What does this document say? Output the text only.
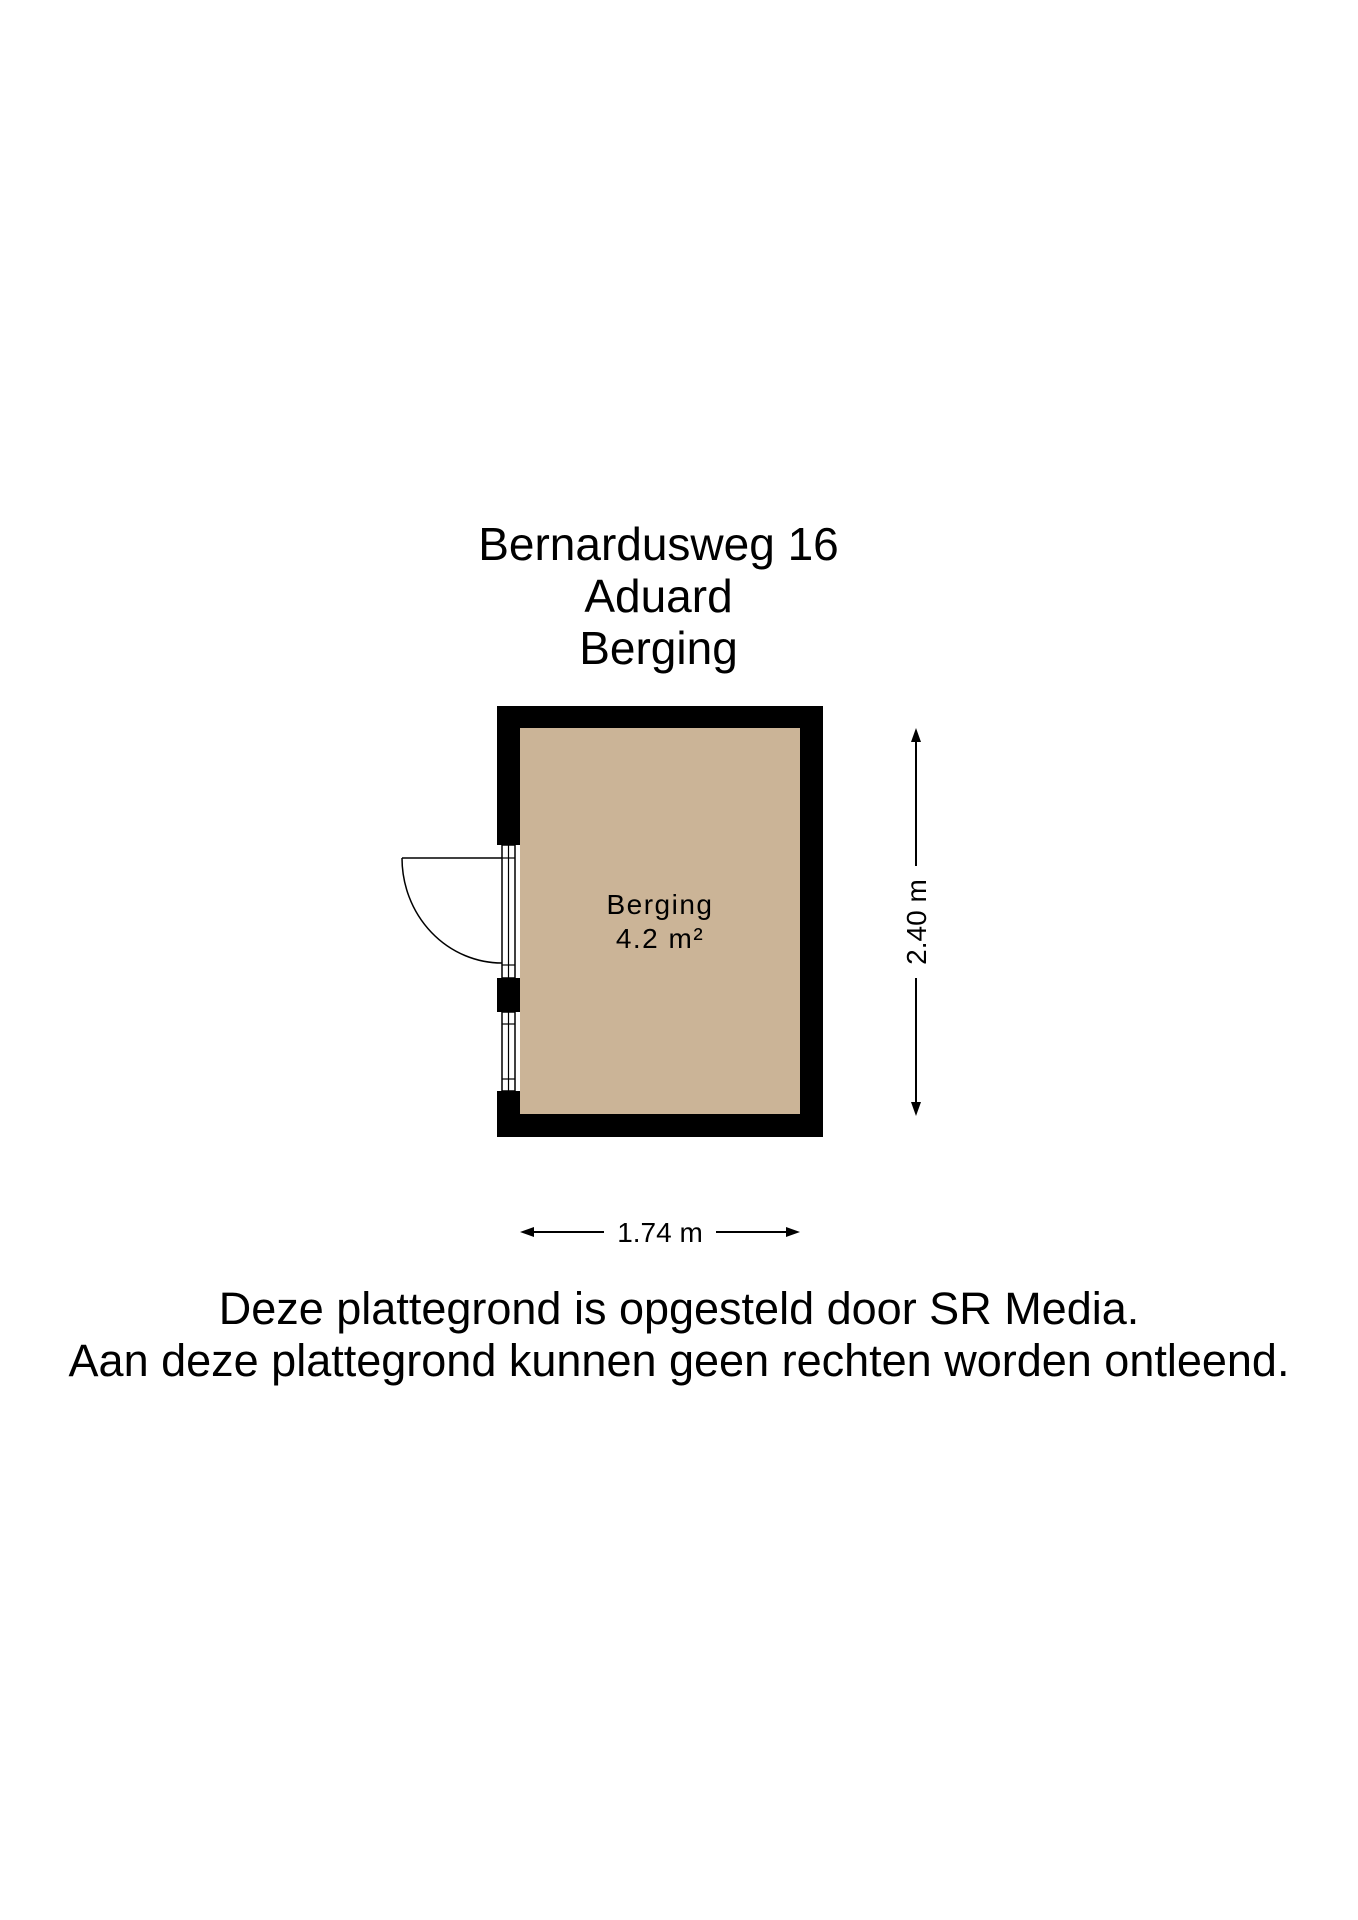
Bernardusweg 16
Aduard
Berging
Berging
4.2 m²
1.74 m
2.40 m
Deze plattegrond is opgesteld door SR Media.
Aan deze plattegrond kunnen geen rechten worden ontleend.
